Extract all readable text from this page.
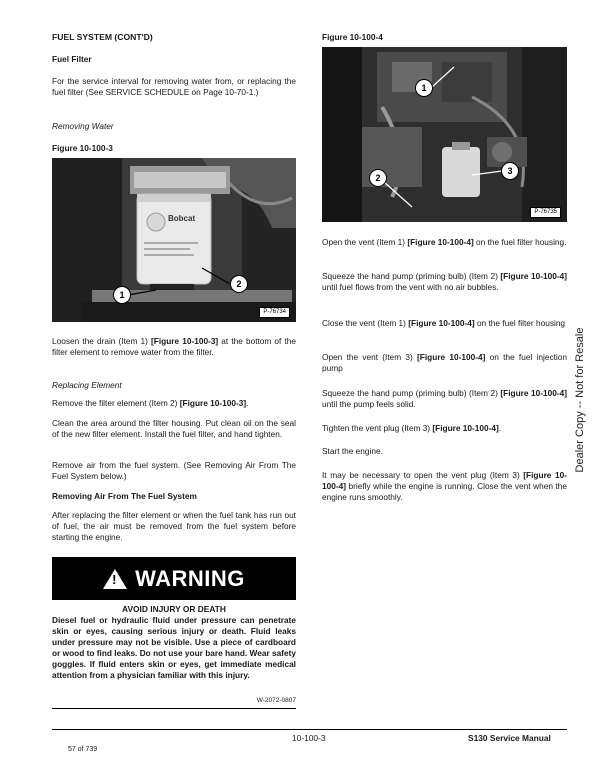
FUEL SYSTEM (CONT'D)

Fuel Filter

For the service interval for removing water from, or replacing the fuel filter (See SERVICE SCHEDULE on Page 10-70-1.)

Removing Water

Figure 10-100-3

1
2
Bobcat
P-76734

Loosen the drain (Item 1) [Figure 10-100-3] at the bottom of the filter element to remove water from the filter.

Replacing Element

Remove the filter element (Item 2) [Figure 10-100-3].

Clean the area around the filter housing. Put clean oil on the seal of the new filter element. Install the fuel filter, and hand tighten.

Remove air from the fuel system. (See Removing Air From The Fuel System below.)

Removing Air From The Fuel System

After replacing the filter element or when the fuel tank has run out of fuel, the air must be removed from the fuel system before starting the engine.

! WARNING
AVOID INJURY OR DEATH

Diesel fuel or hydraulic fluid under pressure can penetrate skin or eyes, causing serious injury or death. Fluid leaks under pressure may not be visible. Use a piece of cardboard or wood to find leaks. Do not use your bare hand. Wear safety goggles. If fluid enters skin or eyes, get immediate medical attention from a physician familiar with this injury.

W-2072-0807

Figure 10-100-4

1
2
3
P-76735

Open the vent (Item 1) [Figure 10-100-4] on the fuel filter housing.

Squeeze the hand pump (priming bulb) (Item 2) [Figure 10-100-4] until fuel flows from the vent with no air bubbles.

Close the vent (Item 1) [Figure 10-100-4] on the fuel filter housing

Open the vent (Item 3) [Figure 10-100-4] on the fuel injection pump

Squeeze the hand pump (priming bulb) (Item 2) [Figure 10-100-4] until the pump feels solid.

Tighten the vent plug (Item 3) [Figure 10-100-4].

Start the engine.

It may be necessary to open the vent plug (Item 3) [Figure 10-100-4] briefly while the engine is running. Close the vent when the engine runs smoothly.

Dealer Copy -- Not for Resale
10-100-3	S130 Service Manual
57 of 739
